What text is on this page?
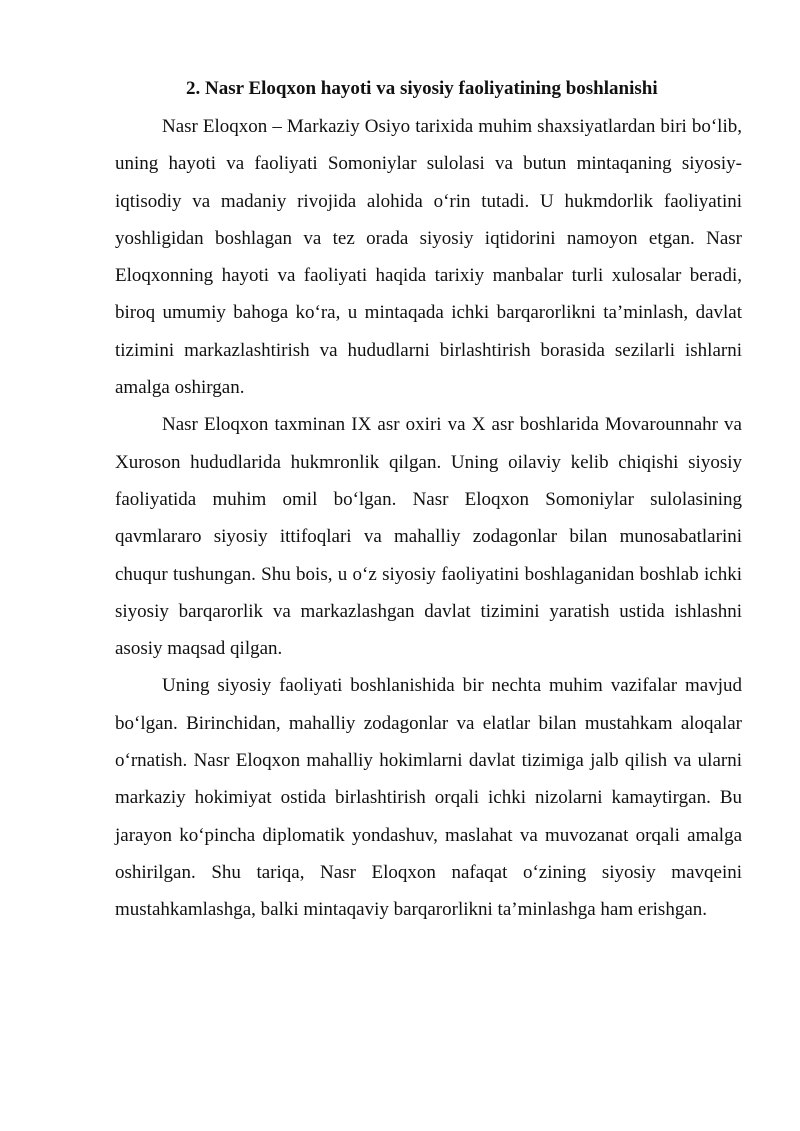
2. Nasr Eloqxon hayoti va siyosiy faoliyatining boshlanishi

Nasr Eloqxon – Markaziy Osiyo tarixida muhim shaxsiyatlardan biri bo‘lib, uning hayoti va faoliyati Somoniylar sulolasi va butun mintaqaning siyosiy-iqtisodiy va madaniy rivojida alohida o‘rin tutadi. U hukmdorlik faoliyatini yoshligidan boshlagan va tez orada siyosiy iqtidorini namoyon etgan. Nasr Eloqxonning hayoti va faoliyati haqida tarixiy manbalar turli xulosalar beradi, biroq umumiy bahoga ko‘ra, u mintaqada ichki barqarorlikni ta’minlash, davlat tizimini markazlashtirish va hududlarni birlashtirish borasida sezilarli ishlarni amalga oshirgan.

Nasr Eloqxon taxminan IX asr oxiri va X asr boshlarida Movarounnahr va Xuroson hududlarida hukmronlik qilgan. Uning oilaviy kelib chiqishi siyosiy faoliyatida muhim omil bo‘lgan. Nasr Eloqxon Somoniylar sulolasining qavmlararo siyosiy ittifoqlari va mahalliy zodagonlar bilan munosabatlarini chuqur tushungan. Shu bois, u o‘z siyosiy faoliyatini boshlaganidan boshlab ichki siyosiy barqarorlik va markazlashgan davlat tizimini yaratish ustida ishlashni asosiy maqsad qilgan.

Uning siyosiy faoliyati boshlanishida bir nechta muhim vazifalar mavjud bo‘lgan. Birinchidan, mahalliy zodagonlar va elatlar bilan mustahkam aloqalar o‘rnatish. Nasr Eloqxon mahalliy hokimlarni davlat tizimiga jalb qilish va ularni markaziy hokimiyat ostida birlashtirish orqali ichki nizolarni kamaytirgan. Bu jarayon ko‘pincha diplomatik yondashuv, maslahat va muvozanat orqali amalga oshirilgan. Shu tariqa, Nasr Eloqxon nafaqat o‘zining siyosiy mavqeini mustahkamlashga, balki mintaqaviy barqarorlikni ta’minlashga ham erishgan.
